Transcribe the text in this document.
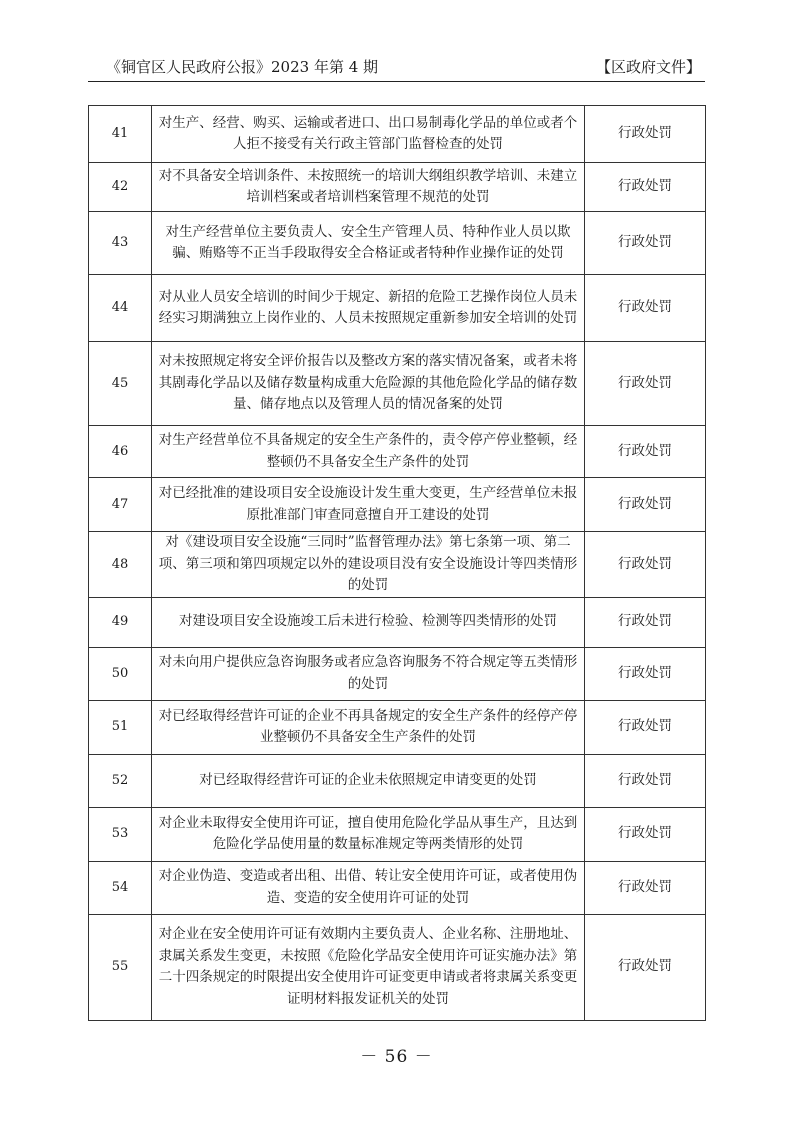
《铜官区人民政府公报》2023 年第 4 期	【区政府文件】
41	对生产、经营、购买、运输或者进口、出口易制毒化学品的单位或者个人拒不接受有关行政主管部门监督检查的处罚	行政处罚
42	对不具备安全培训条件、未按照统一的培训大纲组织教学培训、未建立培训档案或者培训档案管理不规范的处罚	行政处罚
43	对生产经营单位主要负责人、安全生产管理人员、特种作业人员以欺骗、贿赂等不正当手段取得安全合格证或者特种作业操作证的处罚	行政处罚
44	对从业人员安全培训的时间少于规定、新招的危险工艺操作岗位人员未经实习期满独立上岗作业的、人员未按照规定重新参加安全培训的处罚	行政处罚
45	对未按照规定将安全评价报告以及整改方案的落实情况备案，或者未将其剧毒化学品以及储存数量构成重大危险源的其他危险化学品的储存数量、储存地点以及管理人员的情况备案的处罚	行政处罚
46	对生产经营单位不具备规定的安全生产条件的，责令停产停业整顿，经整顿仍不具备安全生产条件的处罚	行政处罚
47	对已经批准的建设项目安全设施设计发生重大变更，生产经营单位未报原批准部门审查同意擅自开工建设的处罚	行政处罚
48	对《建设项目安全设施“三同时”监督管理办法》第七条第一项、第二项、第三项和第四项规定以外的建设项目没有安全设施设计等四类情形的处罚	行政处罚
49	对建设项目安全设施竣工后未进行检验、检测等四类情形的处罚	行政处罚
50	对未向用户提供应急咨询服务或者应急咨询服务不符合规定等五类情形的处罚	行政处罚
51	对已经取得经营许可证的企业不再具备规定的安全生产条件的经停产停业整顿仍不具备安全生产条件的处罚	行政处罚
52	对已经取得经营许可证的企业未依照规定申请变更的处罚	行政处罚
53	对企业未取得安全使用许可证，擅自使用危险化学品从事生产，且达到危险化学品使用量的数量标准规定等两类情形的处罚	行政处罚
54	对企业伪造、变造或者出租、出借、转让安全使用许可证，或者使用伪造、变造的安全使用许可证的处罚	行政处罚
55	对企业在安全使用许可证有效期内主要负责人、企业名称、注册地址、隶属关系发生变更，未按照《危险化学品安全使用许可证实施办法》第二十四条规定的时限提出安全使用许可证变更申请或者将隶属关系变更证明材料报发证机关的处罚	行政处罚
－ 56 －
